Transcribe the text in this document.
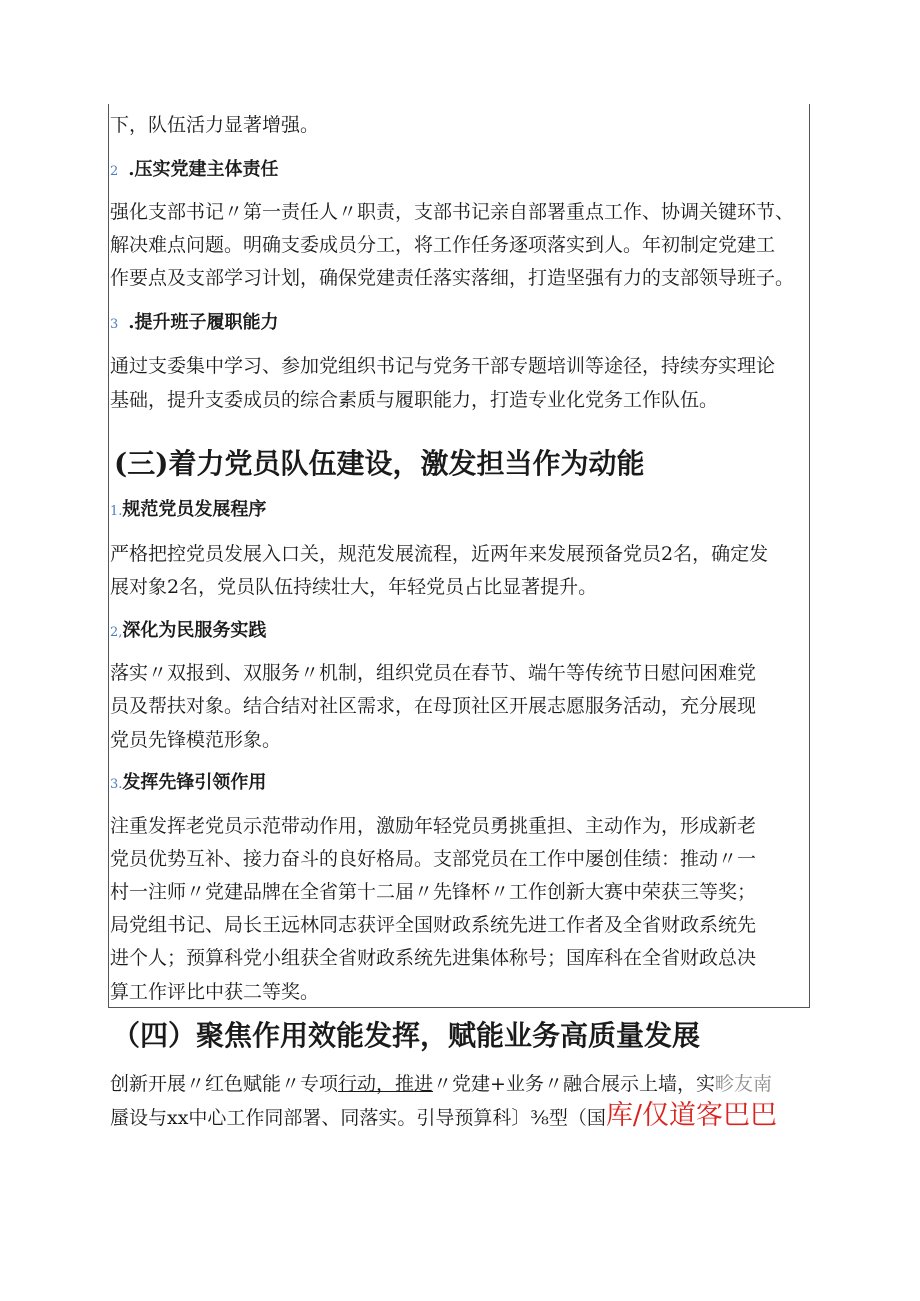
下，队伍活力显著增强。
2 .压实党建主体责任
强化支部书记〃第一责任人〃职责，支部书记亲自部署重点工作、协调关键环节、
解决难点问题。明确支委成员分工，将工作任务逐项落实到人。年初制定党建工
作要点及支部学习计划，确保党建责任落实落细，打造坚强有力的支部领导班子。
3 .提升班子履职能力
通过支委集中学习、参加党组织书记与党务干部专题培训等途径，持续夯实理论
基础，提升支委成员的综合素质与履职能力，打造专业化党务工作队伍。
(三)着力党员队伍建设，激发担当作为动能
1.规范党员发展程序
严格把控党员发展入口关，规范发展流程，近两年来发展预备党员2名，确定发
展对象2名，党员队伍持续壮大，年轻党员占比显著提升。
2,深化为民服务实践
落实〃双报到、双服务〃机制，组织党员在春节、端午等传统节日慰问困难党
员及帮扶对象。结合结对社区需求，在母顶社区开展志愿服务活动，充分展现
党员先锋模范形象。
3.发挥先锋引领作用
注重发挥老党员示范带动作用，激励年轻党员勇挑重担、主动作为，形成新老
党员优势互补、接力奋斗的良好格局。支部党员在工作中屡创佳绩：推动〃一
村一注师〃党建品牌在全省第十二届〃先锋杯〃工作创新大赛中荣获三等奖；
局党组书记、局长王远林同志获评全国财政系统先进工作者及全省财政系统先
进个人；预算科党小组获全省财政系统先进集体称号；国库科在全省财政总决
算工作评比中获二等奖。
（四）聚焦作用效能发挥，赋能业务高质量发展
创新开展〃红色赋能〃专项行动，推进〃党建+业务〃融合展示上墙，实畛友南
蜃设与xx中心工作同部署、同落实。引导预算科〕⅜型（国库/仅道客巴巴
